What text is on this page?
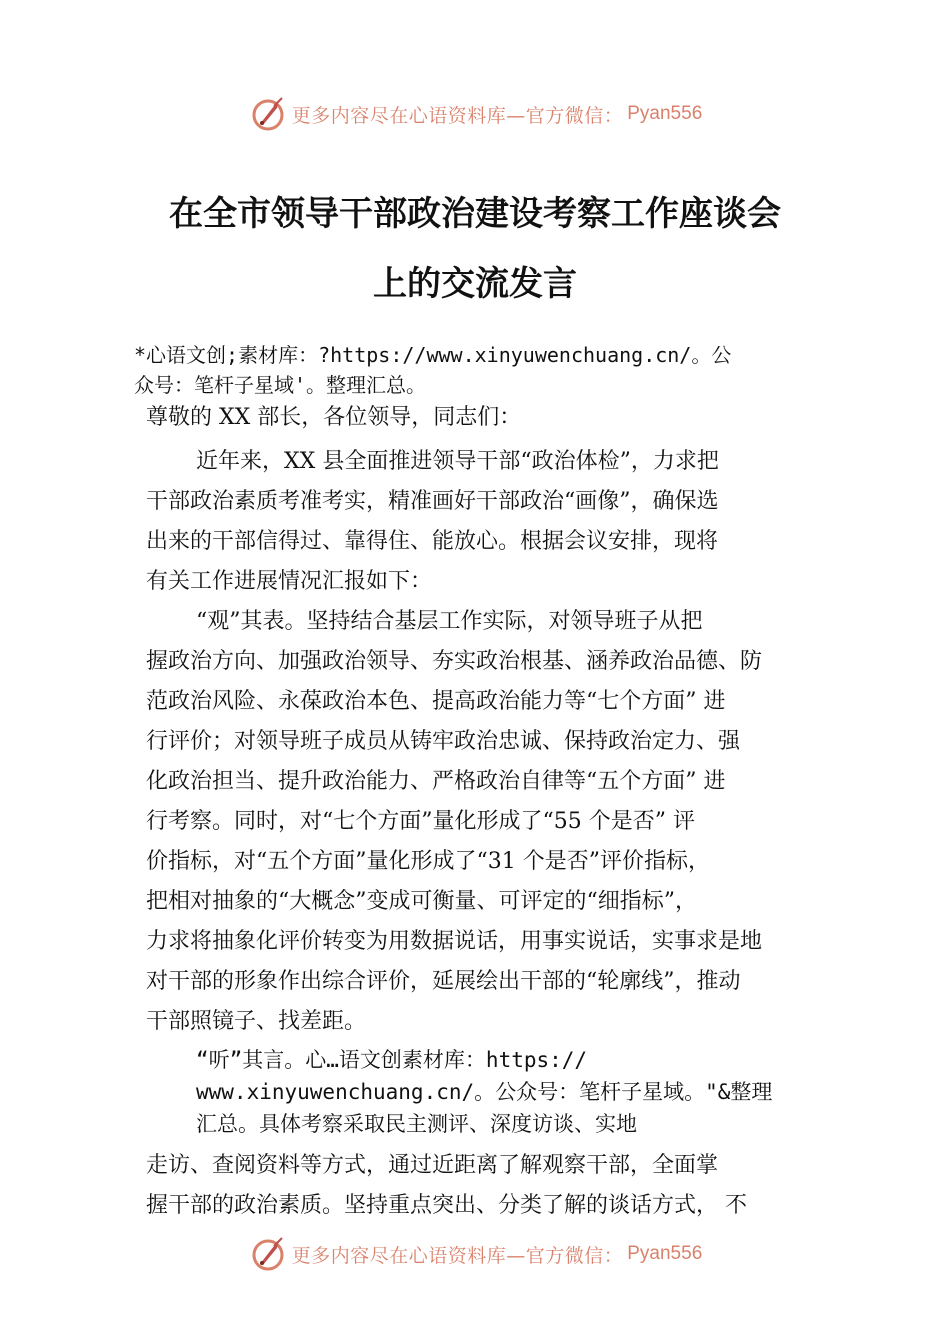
更多内容尽在心语资料库—官方微信： Pyan556
在全市领导干部政治建设考察工作座谈会
上的交流发言
*心语文创;素材库：?https://www.xinyuwenchuang.cn/。公
众号：笔杆子星域'。整理汇总。
尊敬的 XX 部长，各位领导，同志们：
近年来，XX 县全面推进领导干部“政治体检”，力求把
干部政治素质考准考实，精准画好干部政治“画像”，确保选
出来的干部信得过、靠得住、能放心。根据会议安排，现将
有关工作进展情况汇报如下：
“观”其表。坚持结合基层工作实际，对领导班子从把
握政治方向、加强政治领导、夯实政治根基、涵养政治品德、防
范政治风险、永葆政治本色、提高政治能力等“七个方面” 进
行评价；对领导班子成员从铸牢政治忠诚、保持政治定力、强
化政治担当、提升政治能力、严格政治自律等“五个方面” 进
行考察。同时，对“七个方面”量化形成了“55 个是否” 评
价指标，对“五个方面”量化形成了“31 个是否”评价指标，
把相对抽象的“大概念”变成可衡量、可评定的“细指标”，
力求将抽象化评价转变为用数据说话，用事实说话，实事求是地
对干部的形象作出综合评价，延展绘出干部的“轮廓线”，推动
干部照镜子、找差距。
“听”其言。心…语文创素材库：https://
www.xinyuwenchuang.cn/。公众号：笔杆子星域。"&整理
汇总。具体考察采取民主测评、深度访谈、实地
走访、查阅资料等方式，通过近距离了解观察干部，全面掌
握干部的政治素质。坚持重点突出、分类了解的谈话方式， 不
更多内容尽在心语资料库—官方微信： Pyan556
